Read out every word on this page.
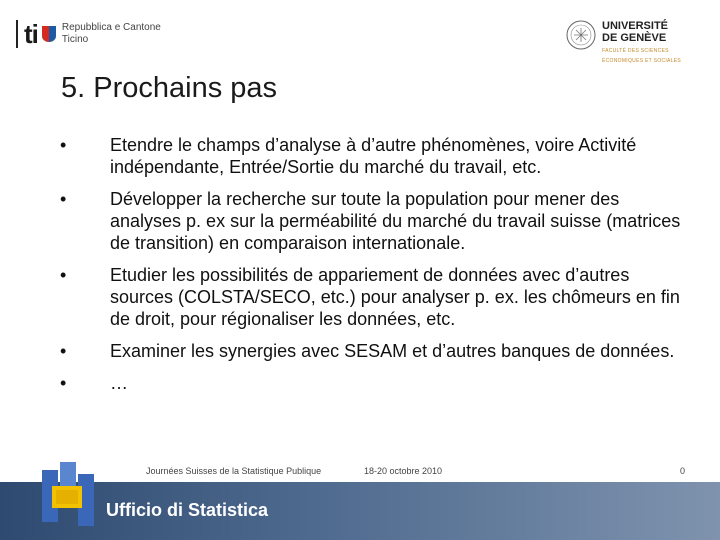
ti Repubblica e Cantone
Ticino
UNIVERSITÉ
DE GENÈVE
FACULTÉ DES SCIENCES
ÉCONOMIQUES ET SOCIALES
5. Prochains pas
•	Etendre le champs d’analyse à d’autre phénomènes, voire Activité indépendante, Entrée/Sortie du marché du travail, etc.
•	Développer la recherche sur toute la population pour mener des analyses p. ex sur la perméabilité du marché du travail suisse (matrices de transition) en comparaison internationale.
•	Etudier les possibilités de appariement de données avec d’autres sources (COLSTA/SECO, etc.) pour analyser p. ex. les chômeurs en fin de droit, pour régionaliser les données, etc.
•	Examiner les synergies avec SESAM et d’autres banques de données.
•	…
Journées Suisses de la Statistique Publique	18-20 octobre 2010	0
Ufficio di Statistica
